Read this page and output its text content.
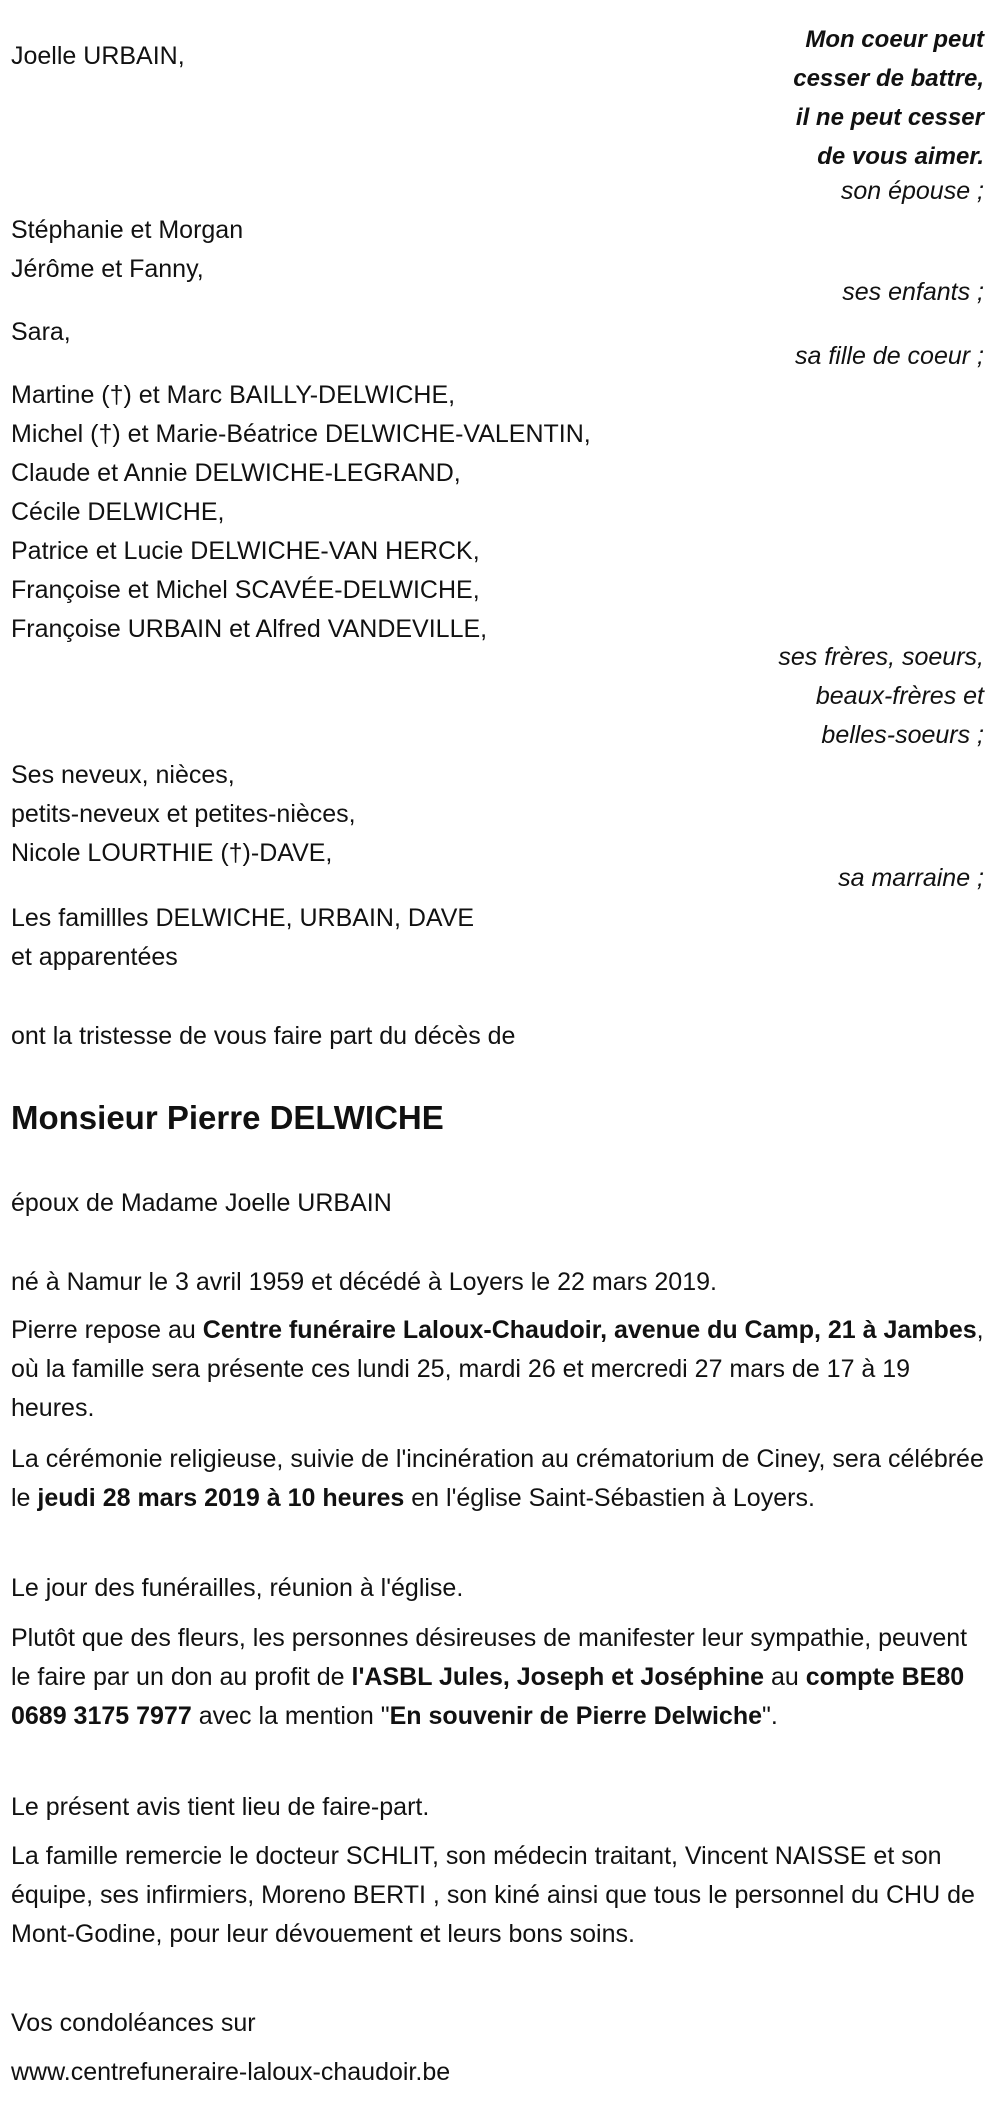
Mon coeur peut
cesser de battre,
il ne peut cesser
de vous aimer.
Joelle URBAIN,
son épouse ;
Stéphanie et Morgan
Jérôme et Fanny,
ses enfants ;
Sara,
sa fille de coeur ;
Martine (†) et Marc BAILLY-DELWICHE,
Michel (†) et Marie-Béatrice DELWICHE-VALENTIN,
Claude et Annie DELWICHE-LEGRAND,
Cécile DELWICHE,
Patrice et Lucie DELWICHE-VAN HERCK,
Françoise et Michel SCAVÉE-DELWICHE,
Françoise URBAIN et Alfred VANDEVILLE,
ses frères, soeurs,
beaux-frères et
belles-soeurs ;
Ses neveux, nièces,
petits-neveux et petites-nièces,
Nicole LOURTHIE (†)-DAVE,
sa marraine ;
Les famillles DELWICHE, URBAIN, DAVE
et apparentées
ont la tristesse de vous faire part du décès de
Monsieur Pierre DELWICHE
époux de Madame Joelle URBAIN
né à Namur le 3 avril 1959 et décédé à Loyers le 22 mars 2019.
Pierre repose au Centre funéraire Laloux-Chaudoir, avenue du Camp, 21 à Jambes, où la famille sera présente ces lundi 25, mardi 26 et mercredi 27 mars de 17 à 19 heures.
La cérémonie religieuse, suivie de l'incinération au crématorium de Ciney, sera célébrée le jeudi 28 mars 2019 à 10 heures en l'église Saint-Sébastien à Loyers.
Le jour des funérailles, réunion à l'église.
Plutôt que des fleurs, les personnes désireuses de manifester leur sympathie, peuvent le faire par un don au profit de l'ASBL Jules, Joseph et Joséphine au compte BE80 0689 3175 7977 avec la mention "En souvenir de Pierre Delwiche".
Le présent avis tient lieu de faire-part.
La famille remercie le docteur SCHLIT, son médecin traitant, Vincent NAISSE et son équipe, ses infirmiers, Moreno BERTI , son kiné ainsi que tous le personnel du CHU de Mont-Godine, pour leur dévouement et leurs bons soins.
Vos condoléances sur
www.centrefuneraire-laloux-chaudoir.be
